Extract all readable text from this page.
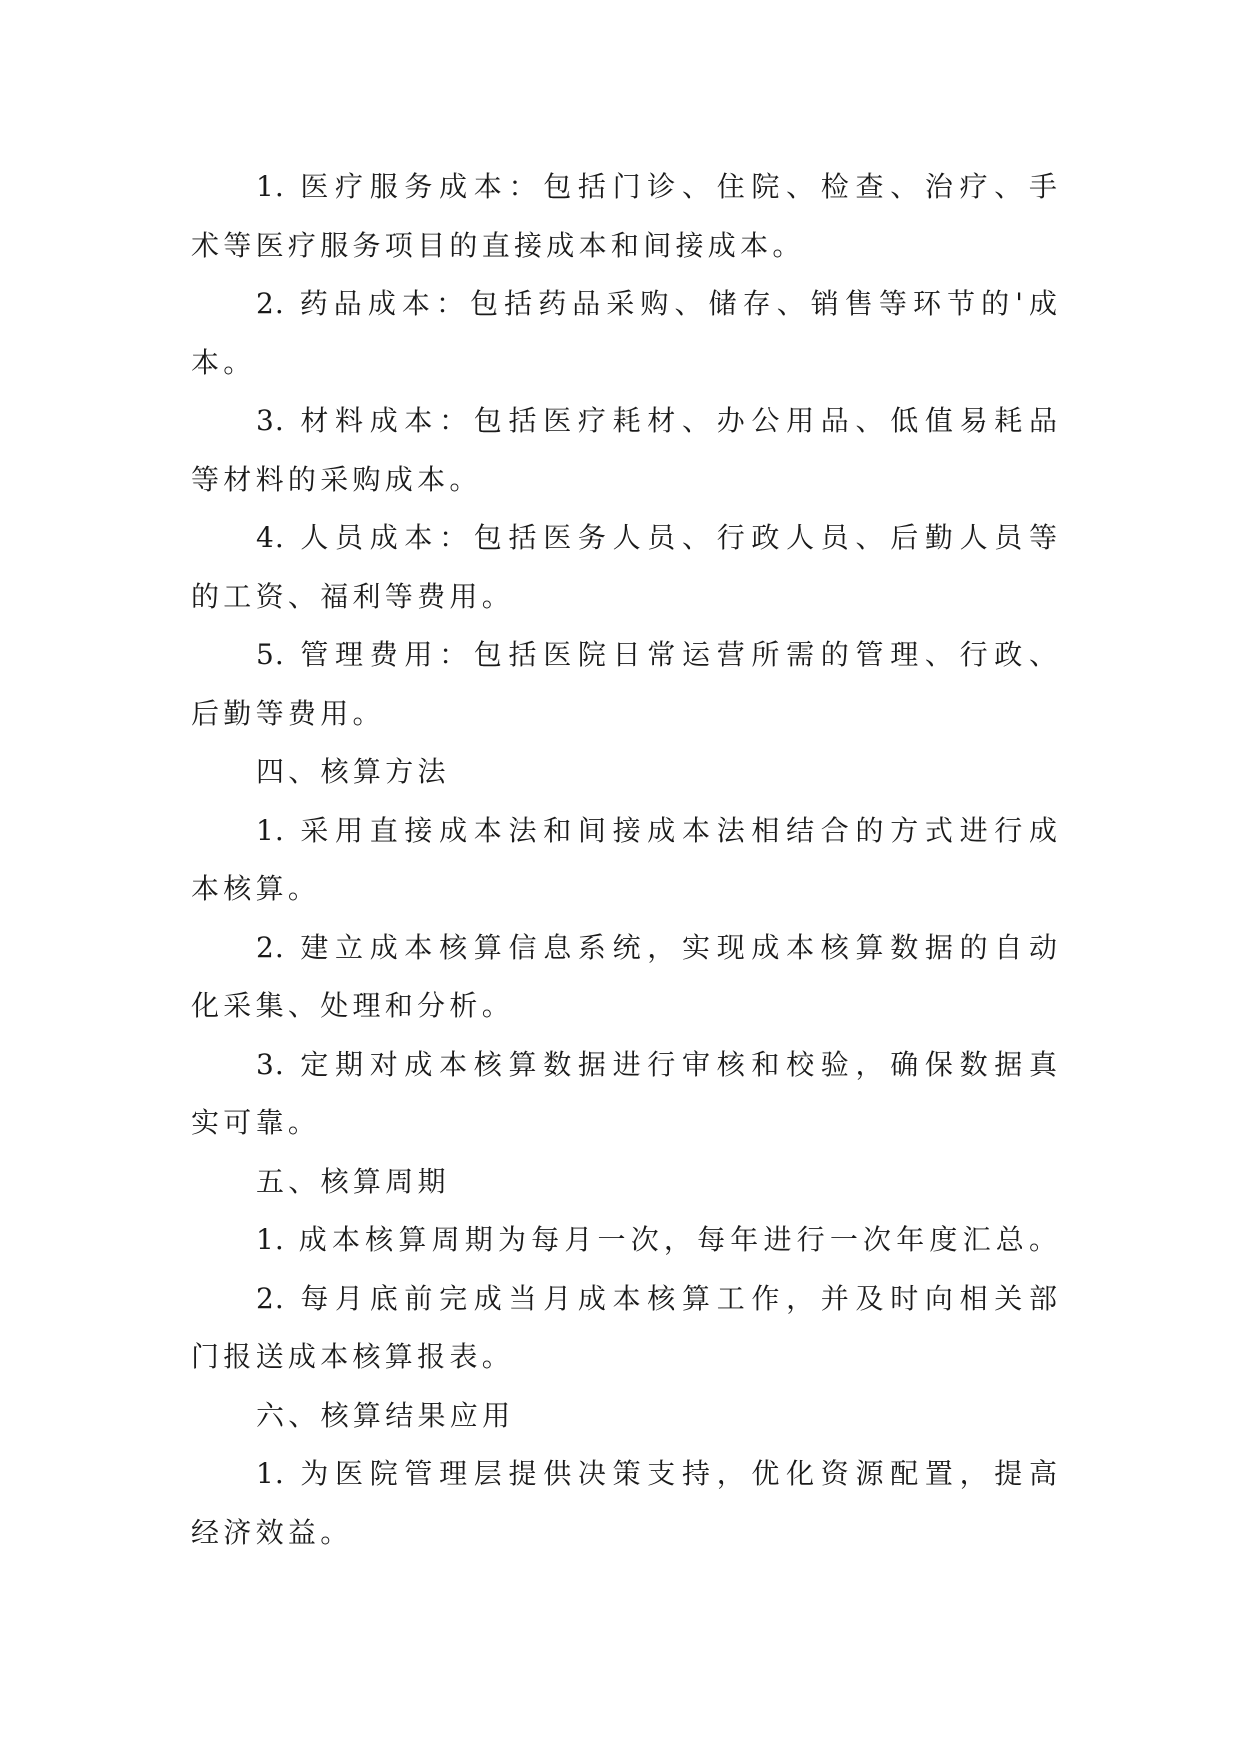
1. 医疗服务成本：包括门诊、住院、检查、治疗、手
术等医疗服务项目的直接成本和间接成本。
2. 药品成本：包括药品采购、储存、销售等环节的'成
本。
3. 材料成本：包括医疗耗材、办公用品、低值易耗品
等材料的采购成本。
4. 人员成本：包括医务人员、行政人员、后勤人员等
的工资、福利等费用。
5. 管理费用：包括医院日常运营所需的管理、行政、
后勤等费用。
四、核算方法
1. 采用直接成本法和间接成本法相结合的方式进行成
本核算。
2. 建立成本核算信息系统，实现成本核算数据的自动
化采集、处理和分析。
3. 定期对成本核算数据进行审核和校验，确保数据真
实可靠。
五、核算周期
1. 成本核算周期为每月一次，每年进行一次年度汇总。
2. 每月底前完成当月成本核算工作，并及时向相关部
门报送成本核算报表。
六、核算结果应用
1. 为医院管理层提供决策支持，优化资源配置，提高
经济效益。
